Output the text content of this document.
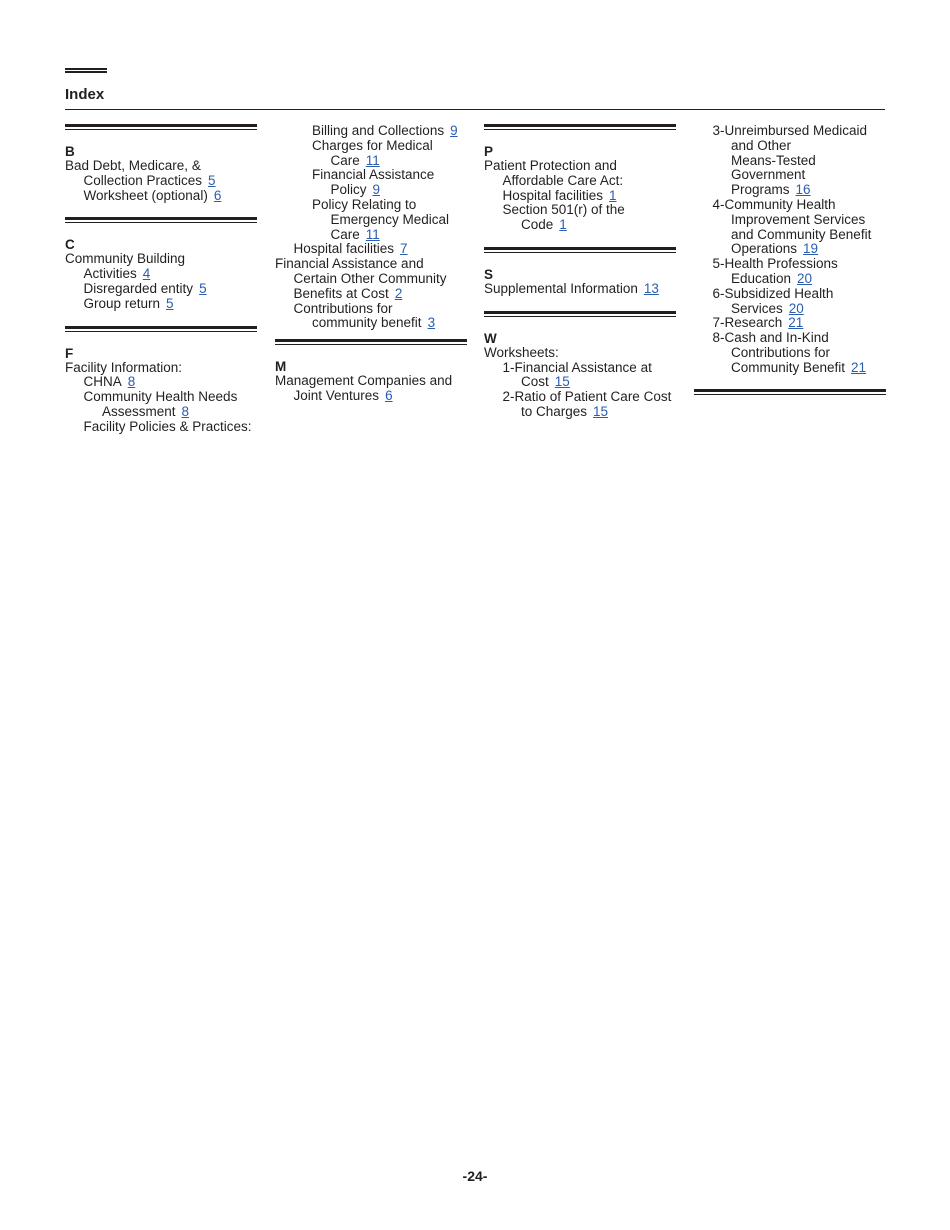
Index
B
Bad Debt, Medicare, &
Collection Practices 5
Worksheet (optional) 6
C
Community Building
Activities 4
Disregarded entity 5
Group return 5
F
Facility Information:
CHNA 8
Community Health Needs
Assessment 8
Facility Policies & Practices:
Billing and Collections 9
Charges for Medical
Care 11
Financial Assistance
Policy 9
Policy Relating to
Emergency Medical
Care 11
Hospital facilities 7
Financial Assistance and
Certain Other Community
Benefits at Cost 2
Contributions for
community benefit 3
M
Management Companies and
Joint Ventures 6
P
Patient Protection and
Affordable Care Act:
Hospital facilities 1
Section 501(r) of the
Code 1
S
Supplemental Information 13
W
Worksheets:
1-Financial Assistance at
Cost 15
2-Ratio of Patient Care Cost
to Charges 15
3-Unreimbursed Medicaid
and Other
Means-Tested
Government
Programs 16
4-Community Health
Improvement Services
and Community Benefit
Operations 19
5-Health Professions
Education 20
6-Subsidized Health
Services 20
7-Research 21
8-Cash and In-Kind
Contributions for
Community Benefit 21
-24-
